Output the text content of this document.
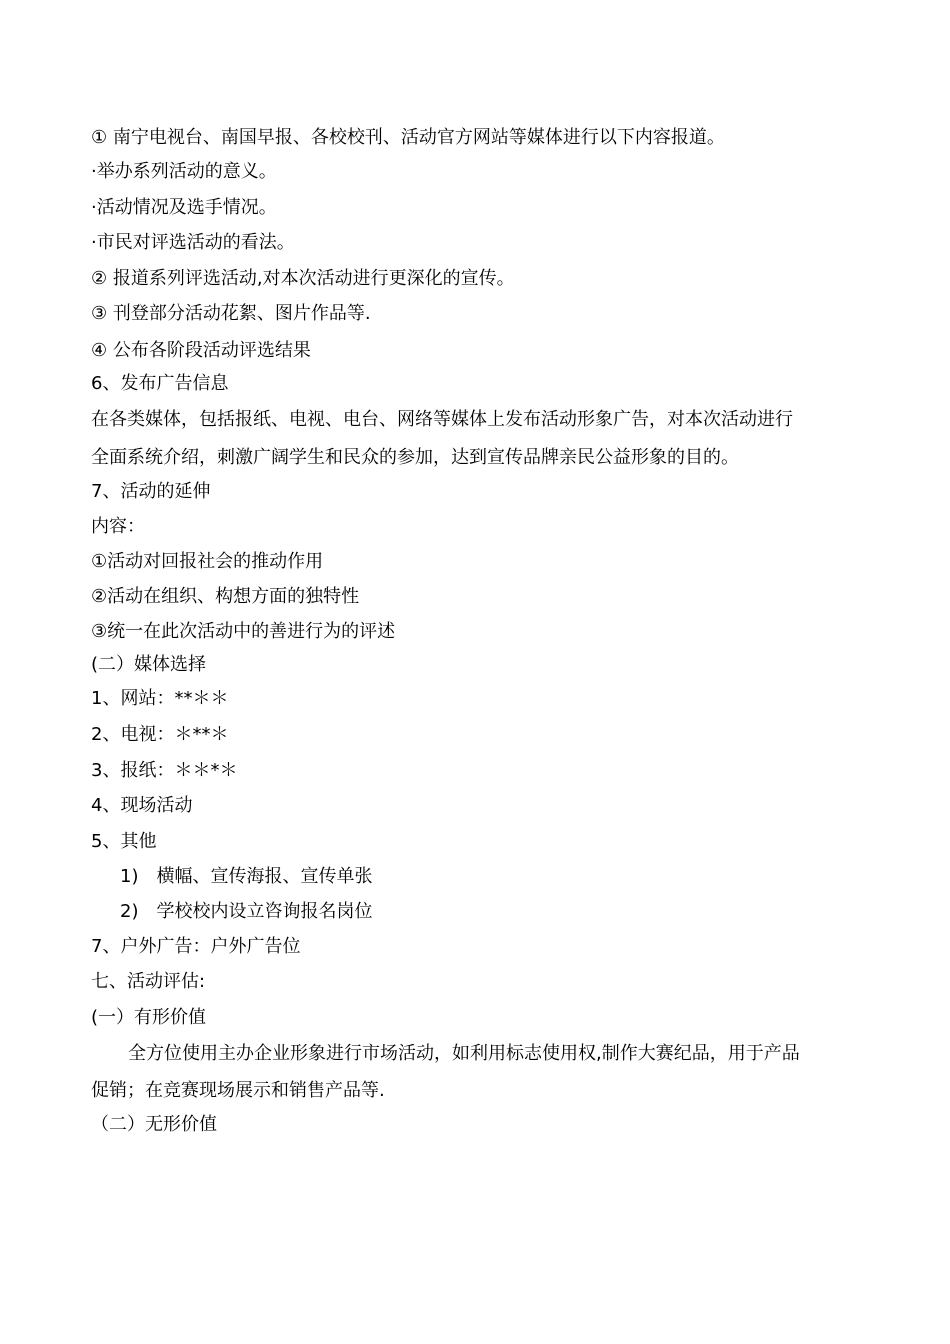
① 南宁电视台、南国早报、各校校刊、活动官方网站等媒体进行以下内容报道。
·举办系列活动的意义。
·活动情况及选手情况。
·市民对评选活动的看法。
② 报道系列评选活动,对本次活动进行更深化的宣传。
③ 刊登部分活动花絮、图片作品等.
④ 公布各阶段活动评选结果
6、发布广告信息
在各类媒体，包括报纸、电视、电台、网络等媒体上发布活动形象广告，对本次活动进行
全面系统介绍，刺激广阔学生和民众的参加，达到宣传品牌亲民公益形象的目的。
7、活动的延伸
内容：
①活动对回报社会的推动作用
②活动在组织、构想方面的独特性
③统一在此次活动中的善进行为的评述
(二）媒体选择
1、网站：**＊＊
2、电视：＊**＊
3、报纸：＊＊*＊
4、现场活动
5、其他
1)　横幅、宣传海报、宣传单张
2)　学校校内设立咨询报名岗位
7、户外广告：户外广告位
七、活动评估:
(一）有形价值
全方位使用主办企业形象进行市场活动，如利用标志使用权,制作大赛纪品，用于产品
促销；在竞赛现场展示和销售产品等.
（二）无形价值
